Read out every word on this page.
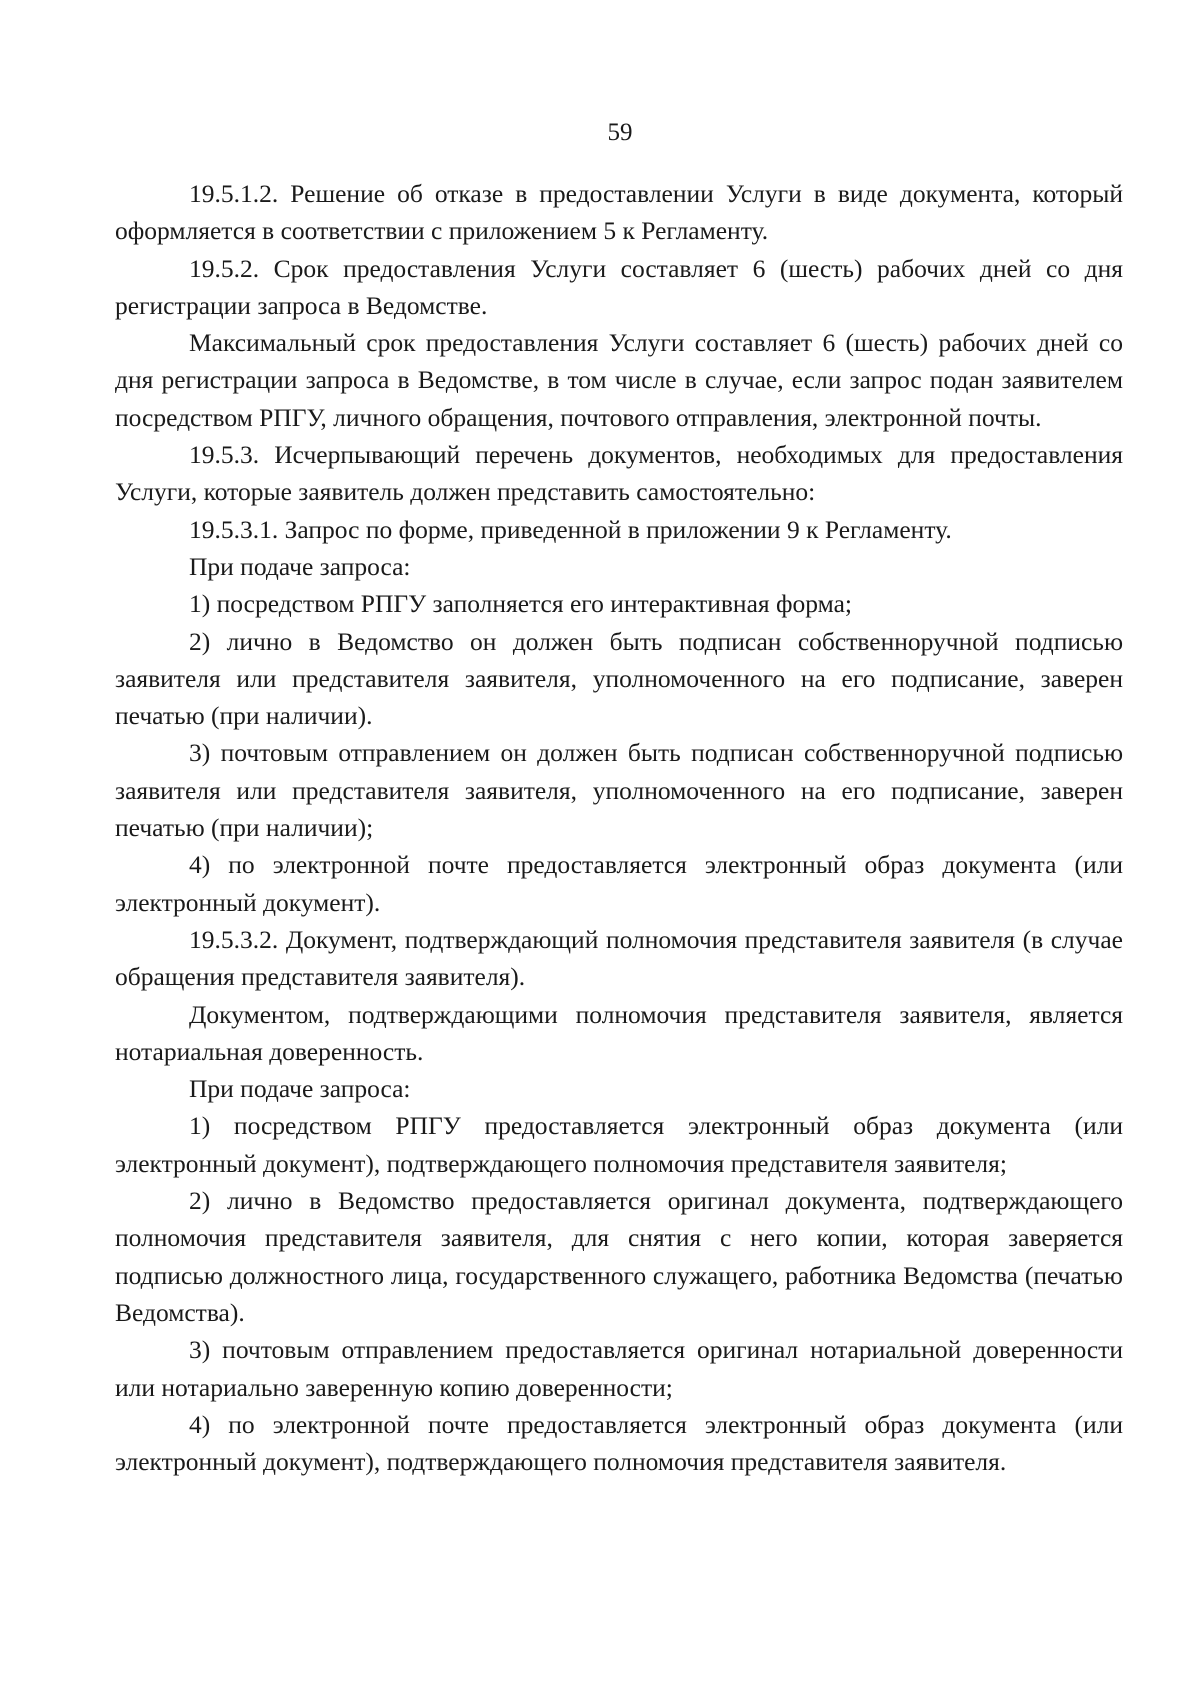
59

19.5.1.2. Решение об отказе в предоставлении Услуги в виде документа, который оформляется в соответствии с приложением 5 к Регламенту.

19.5.2. Срок предоставления Услуги составляет 6 (шесть) рабочих дней со дня регистрации запроса в Ведомстве.

Максимальный срок предоставления Услуги составляет 6 (шесть) рабочих дней со дня регистрации запроса в Ведомстве, в том числе в случае, если запрос подан заявителем посредством РПГУ, личного обращения, почтового отправления, электронной почты.

19.5.3. Исчерпывающий перечень документов, необходимых для предоставления Услуги, которые заявитель должен представить самостоятельно:

19.5.3.1. Запрос по форме, приведенной в приложении 9 к Регламенту.

При подаче запроса:

1) посредством РПГУ заполняется его интерактивная форма;

2) лично в Ведомство он должен быть подписан собственноручной подписью заявителя или представителя заявителя, уполномоченного на его подписание, заверен печатью (при наличии).

3) почтовым отправлением он должен быть подписан собственноручной подписью заявителя или представителя заявителя, уполномоченного на его подписание, заверен печатью (при наличии);

4) по электронной почте предоставляется электронный образ документа (или электронный документ).

19.5.3.2. Документ, подтверждающий полномочия представителя заявителя (в случае обращения представителя заявителя).

Документом, подтверждающими полномочия представителя заявителя, является нотариальная доверенность.

При подаче запроса:

1) посредством РПГУ предоставляется электронный образ документа (или электронный документ), подтверждающего полномочия представителя заявителя;

2) лично в Ведомство предоставляется оригинал документа, подтверждающего полномочия представителя заявителя, для снятия с него копии, которая заверяется подписью должностного лица, государственного служащего, работника Ведомства (печатью Ведомства).

3) почтовым отправлением предоставляется оригинал нотариальной доверенности или нотариально заверенную копию доверенности;

4) по электронной почте предоставляется электронный образ документа (или электронный документ), подтверждающего полномочия представителя заявителя.
